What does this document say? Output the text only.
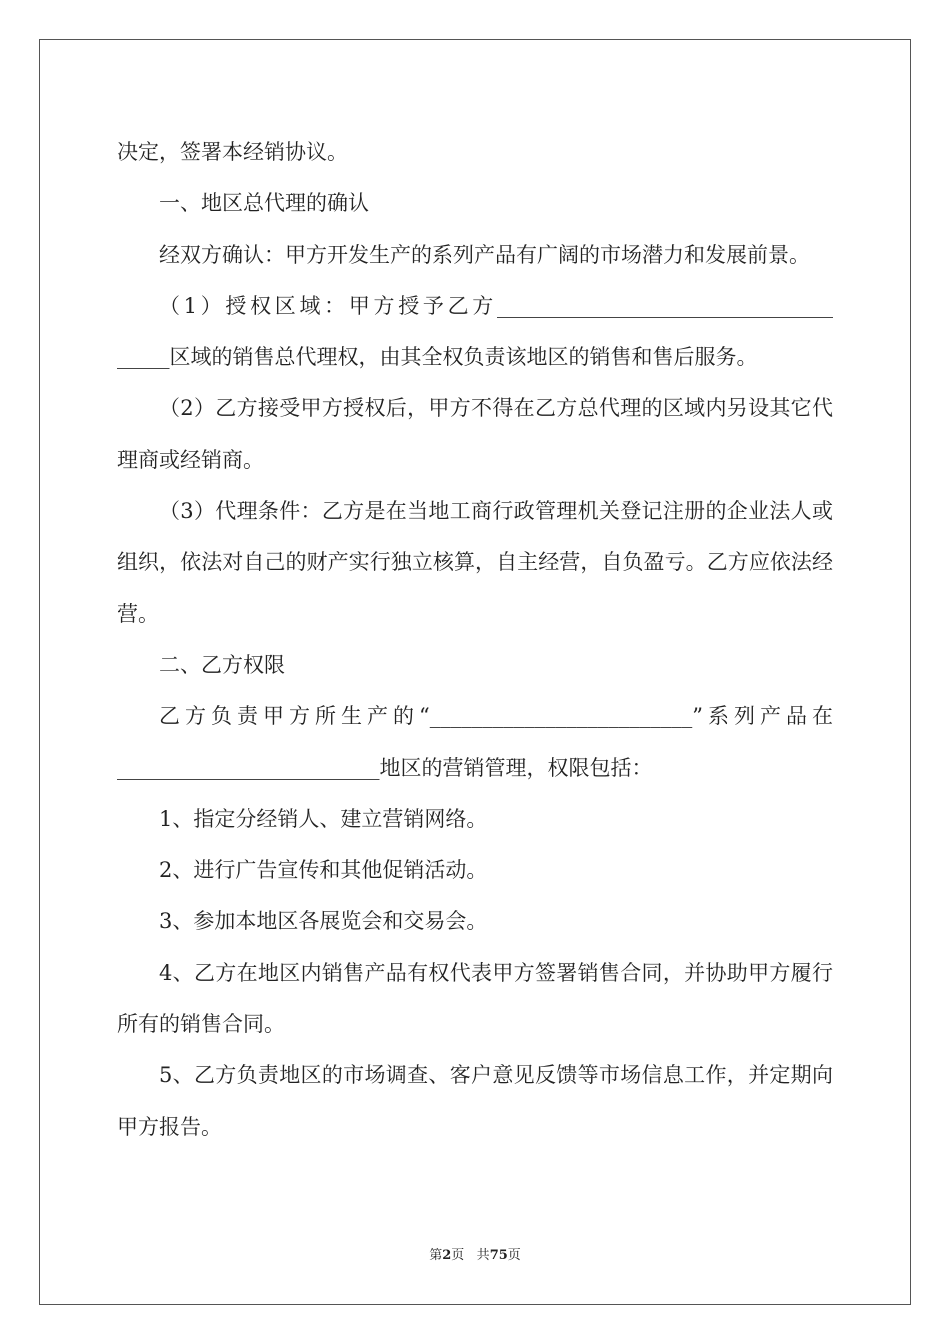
决定，签署本经销协议。

一、地区总代理的确认

经双方确认：甲方开发生产的系列产品有广阔的市场潜力和发展前景。

（1）授权区域：甲方授予乙方________________________________ _____区域的销售总代理权，由其全权负责该地区的销售和售后服务。

（2）乙方接受甲方授权后，甲方不得在乙方总代理的区域内另设其它代理商或经销商。

（3）代理条件：乙方是在当地工商行政管理机关登记注册的企业法人或组织，依法对自己的财产实行独立核算，自主经营，自负盈亏。乙方应依法经营。

二、乙方权限

乙方负责甲方所生产的“_________________________”系列产品在_________________________地区的营销管理，权限包括：

1、指定分经销人、建立营销网络。

2、进行广告宣传和其他促销活动。

3、参加本地区各展览会和交易会。

4、乙方在地区内销售产品有权代表甲方签署销售合同，并协助甲方履行所有的销售合同。

5、乙方负责地区的市场调查、客户意见反馈等市场信息工作，并定期向甲方报告。

第2页 共75页
